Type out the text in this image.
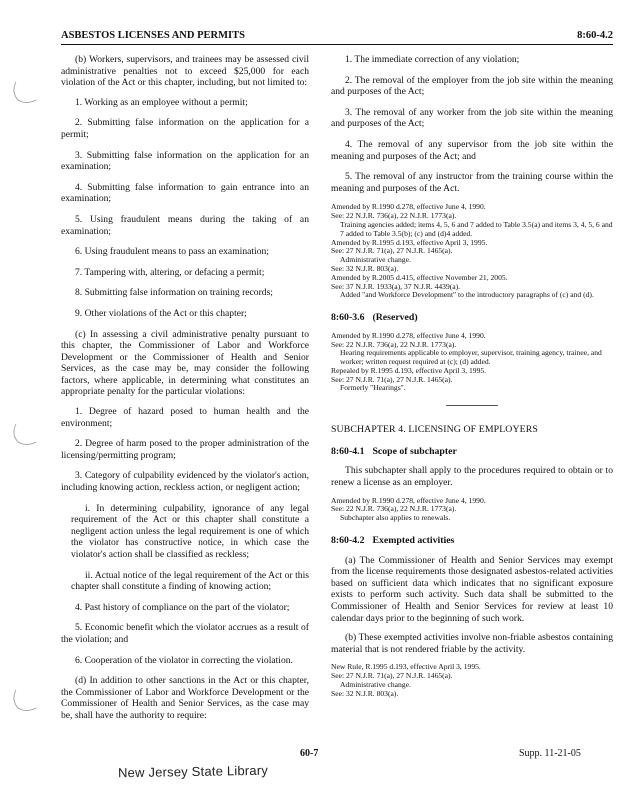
ASBESTOS LICENSES AND PERMITS	8:60-4.2

(b) Workers, supervisors, and trainees may be assessed civil administrative penalties not to exceed $25,000 for each violation of the Act or this chapter, including, but not limited to:

1. Working as an employee without a permit;

2. Submitting false information on the application for a permit;

3. Submitting false information on the application for an examination;

4. Submitting false information to gain entrance into an examination;

5. Using fraudulent means during the taking of an examination;

6. Using fraudulent means to pass an examination;

7. Tampering with, altering, or defacing a permit;

8. Submitting false information on training records;

9. Other violations of the Act or this chapter;

(c) In assessing a civil administrative penalty pursuant to this chapter, the Commissioner of Labor and Workforce Development or the Commissioner of Health and Senior Services, as the case may be, may consider the following factors, where applicable, in determining what constitutes an appropriate penalty for the particular violations:

1. Degree of hazard posed to human health and the environment;

2. Degree of harm posed to the proper administration of the licensing/permitting program;

3. Category of culpability evidenced by the violator's action, including knowing action, reckless action, or negligent action;

i. In determining culpability, ignorance of any legal requirement of the Act or this chapter shall constitute a negligent action unless the legal requirement is one of which the violator has constructive notice, in which case the violator's action shall be classified as reckless;

ii. Actual notice of the legal requirement of the Act or this chapter shall constitute a finding of knowing action;

4. Past history of compliance on the part of the violator;

5. Economic benefit which the violator accrues as a result of the violation; and

6. Cooperation of the violator in correcting the violation.

(d) In addition to other sanctions in the Act or this chapter, the Commissioner of Labor and Workforce Development or the Commissioner of Health and Senior Services, as the case may be, shall have the authority to require:

1. The immediate correction of any violation;

2. The removal of the employer from the job site within the meaning and purposes of the Act;

3. The removal of any worker from the job site within the meaning and purposes of the Act;

4. The removal of any supervisor from the job site within the meaning and purposes of the Act; and

5. The removal of any instructor from the training course within the meaning and purposes of the Act.

Amended by R.1990 d.278, effective June 4, 1990.
See: 22 N.J.R. 736(a), 22 N.J.R. 1773(a).
Training agencies added; items 4, 5, 6 and 7 added to Table 3.5(a) and items 3, 4, 5, 6 and 7 added to Table 3.5(b); (c) and (d)4 added.
Amended by R.1995 d.193, effective April 3, 1995.
See: 27 N.J.R. 71(a), 27 N.J.R. 1465(a).
Administrative change.
See: 32 N.J.R. 803(a).
Amended by R.2005 d.415, effective November 21, 2005.
See: 37 N.J.R. 1933(a), 37 N.J.R. 4439(a).
Added "and Workforce Development" to the introductory paragraphs of (c) and (d).
8:60-3.6 (Reserved)
Amended by R.1990 d.278, effective June 4, 1990.
See: 22 N.J.R. 736(a), 22 N.J.R. 1773(a).
Hearing requirements applicable to employer, supervisor, training agency, trainee, and worker; written request required at (c); (d) added.
Repealed by R.1995 d.193, effective April 3, 1995.
See: 27 N.J.R. 71(a), 27 N.J.R. 1465(a).
Formerly "Hearings".
SUBCHAPTER 4. LICENSING OF EMPLOYERS
8:60-4.1 Scope of subchapter

This subchapter shall apply to the procedures required to obtain or to renew a license as an employer.

Amended by R.1990 d.278, effective June 4, 1990.
See: 22 N.J.R. 736(a), 22 N.J.R. 1773(a).
Subchapter also applies to renewals.
8:60-4.2 Exempted activities

(a) The Commissioner of Health and Senior Services may exempt from the license requirements those designated asbestos-related activities based on sufficient data which indicates that no significant exposure exists to perform such activity. Such data shall be submitted to the Commissioner of Health and Senior Services for review at least 10 calendar days prior to the beginning of such work.

(b) These exempted activities involve non-friable asbestos containing material that is not rendered friable by the activity.

New Rule, R.1995 d.193, effective April 3, 1995.
See: 27 N.J.R. 71(a), 27 N.J.R. 1465(a).
Administrative change.
See: 32 N.J.R. 803(a).
60-7	Supp. 11-21-05
New Jersey State Library
